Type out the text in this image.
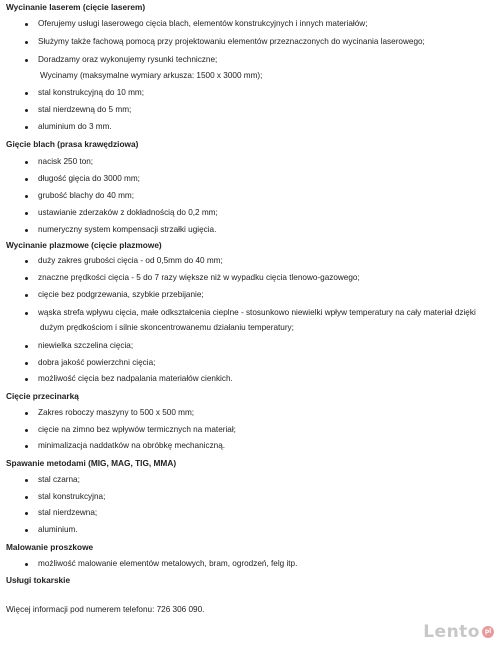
Wycinanie laserem (cięcie laserem)
Oferujemy usługi laserowego cięcia blach, elementów konstrukcyjnych i innych materiałów;
Służymy także fachową pomocą przy projektowaniu elementów przeznaczonych do wycinania laserowego;
Doradzamy oraz wykonujemy rysunki techniczne;
Wycinamy (maksymalne wymiary arkusza: 1500 x 3000 mm);
stal konstrukcyjną do 10 mm;
stal nierdzewną do 5 mm;
aluminium do 3 mm.
Gięcie blach (prasa krawędziowa)
nacisk 250 ton;
długość gięcia do 3000 mm;
grubość blachy do 40 mm;
ustawianie zderzaków z dokładnością do 0,2 mm;
numeryczny system kompensacji strzałki ugięcia.
Wycinanie plazmowe (cięcie plazmowe)
duży zakres grubości cięcia - od 0,5mm do 40 mm;
znaczne prędkości cięcia - 5 do 7 razy większe niż w wypadku cięcia tlenowo-gazowego;
cięcie bez podgrzewania, szybkie przebijanie;
wąska strefa wpływu cięcia, małe odkształcenia cieplne - stosunkowo niewielki wpływ temperatury na cały materiał dzięki
dużym prędkościom i silnie skoncentrowanemu działaniu temperatury;
niewielka szczelina cięcia;
dobra jakość powierzchni cięcia;
możliwość cięcia bez nadpalania materiałów cienkich.
Cięcie przecinarką
Zakres roboczy maszyny to 500 x 500 mm;
cięcie na zimno bez wpływów termicznych na materiał;
minimalizacja naddatków na obróbkę mechaniczną.
Spawanie metodami (MIG, MAG, TIG, MMA)
stal czarna;
stal konstrukcyjna;
stal nierdzewna;
aluminium.
Malowanie proszkowe
możliwość malowanie elementów metalowych, bram, ogrodzeń, felg itp.
Usługi tokarskie
Więcej informacji pod numerem telefonu: 726 306 090.
Lento pl
